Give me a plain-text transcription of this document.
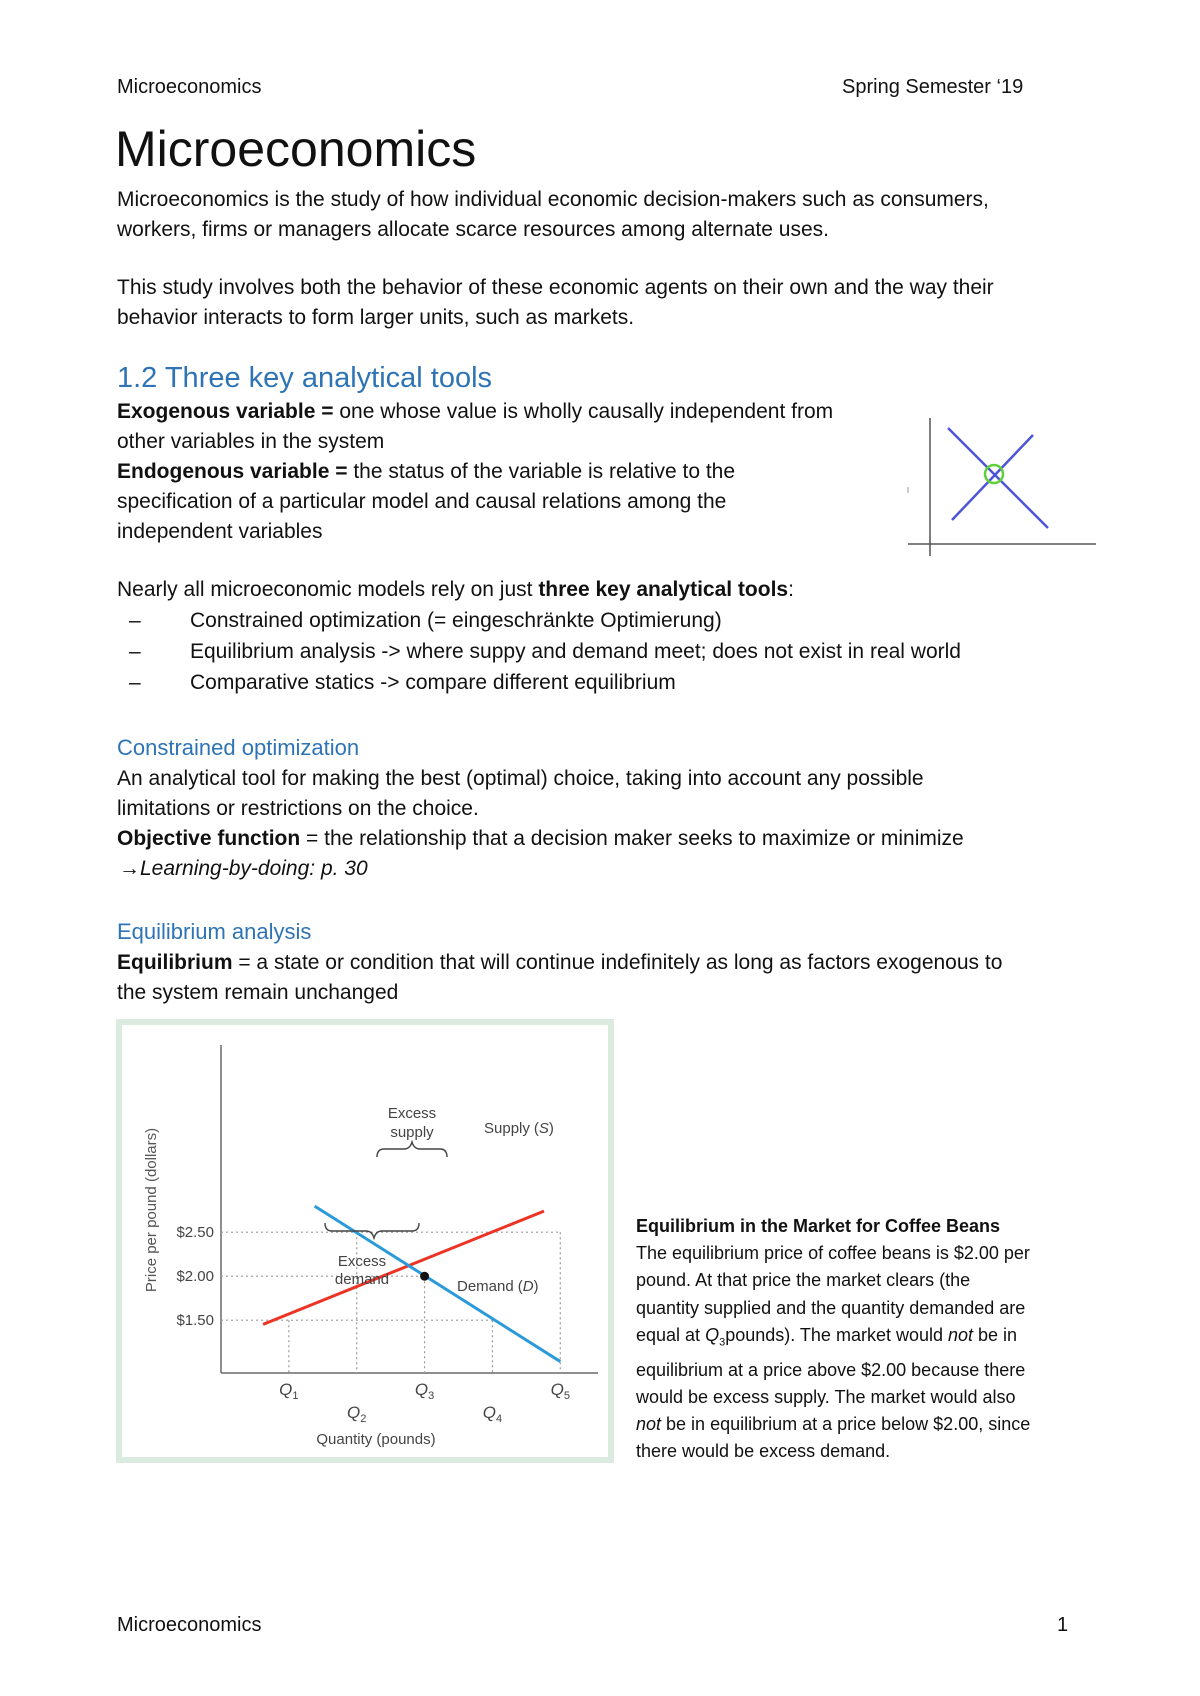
Microeconomics	Spring Semester ‘19
Microeconomics
Microeconomics is the study of how individual economic decision-makers such as consumers,
workers, firms or managers allocate scarce resources among alternate uses.
This study involves both the behavior of these economic agents on their own and the way their
behavior interacts to form larger units, such as markets.
1.2 Three key analytical tools
Exogenous variable = one whose value is wholly causally independent from
other variables in the system
Endogenous variable = the status of the variable is relative to the
specification of a particular model and causal relations among the
independent variables
Nearly all microeconomic models rely on just three key analytical tools:
– Constrained optimization (= eingeschränkte Optimierung)
– Equilibrium analysis -> where suppy and demand meet; does not exist in real world
– Comparative statics -> compare different equilibrium
Constrained optimization
An analytical tool for making the best (optimal) choice, taking into account any possible
limitations or restrictions on the choice.
Objective function = the relationship that a decision maker seeks to maximize or minimize
→Learning-by-doing: p. 30
Equilibrium analysis
Equilibrium = a state or condition that will continue indefinitely as long as factors exogenous to
the system remain unchanged
Price per pound (dollars) $2.50
$2.00
$1.50
Excess
supply
Excess
demand
Supply (S)
Demand (D)
$Q_1$
$Q_2$
$Q_3$
$Q_4$
$Q_5$
Quantity (pounds)
Equilibrium in the Market for Coffee Beans
The equilibrium price of coffee beans is $2.00 per
pound. At that price the market clears (the
quantity supplied and the quantity demanded are
equal at $Q_3pounds$). The market would not be in
equilibrium at a price above $2.00 because there
would be excess supply. The market would also
not be in equilibrium at a price below $2.00, since
there would be excess demand.
Microeconomics	1
